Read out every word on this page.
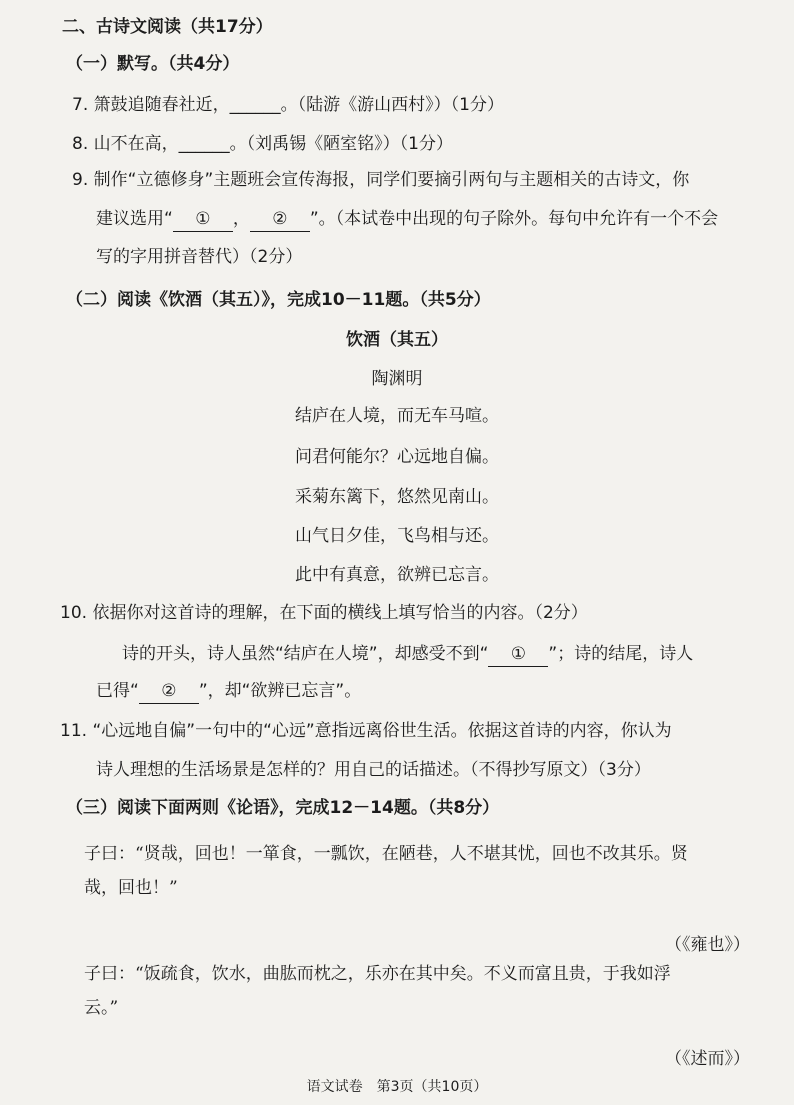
二、古诗文阅读（共17分）
（一）默写。（共4分）
7. 箫鼓追随春社近，______。（陆游《游山西村》）（1分）
8. 山不在高，______。（刘禹锡《陋室铭》）（1分）
9. 制作“立德修身”主题班会宣传海报，同学们要摘引两句与主题相关的古诗文，你
建议选用“ ① ， ② ”。（本试卷中出现的句子除外。每句中允许有一个不会
写的字用拼音替代）（2分）
（二）阅读《饮酒（其五）》，完成10－11题。（共5分）
饮酒（其五）
陶渊明
结庐在人境，而无车马喧。
问君何能尔？心远地自偏。
采菊东篱下，悠然见南山。
山气日夕佳，飞鸟相与还。
此中有真意，欲辨已忘言。
10. 依据你对这首诗的理解，在下面的横线上填写恰当的内容。（2分）
诗的开头，诗人虽然“结庐在人境”，却感受不到“ ① ”；诗的结尾，诗人
已得“ ② ”，却“欲辨已忘言”。
11. “心远地自偏”一句中的“心远”意指远离俗世生活。依据这首诗的内容，你认为
诗人理想的生活场景是怎样的？用自己的话描述。（不得抄写原文）（3分）
（三）阅读下面两则《论语》，完成12－14题。（共8分）
子曰：“贤哉，回也！一箪食，一瓢饮，在陋巷，人不堪其忧，回也不改其乐。贤
哉，回也！”
（《雍也》）
子曰：“饭疏食，饮水，曲肱而枕之，乐亦在其中矣。不义而富且贵，于我如浮
云。”
（《述而》）
语文试卷　第3页（共10页）
